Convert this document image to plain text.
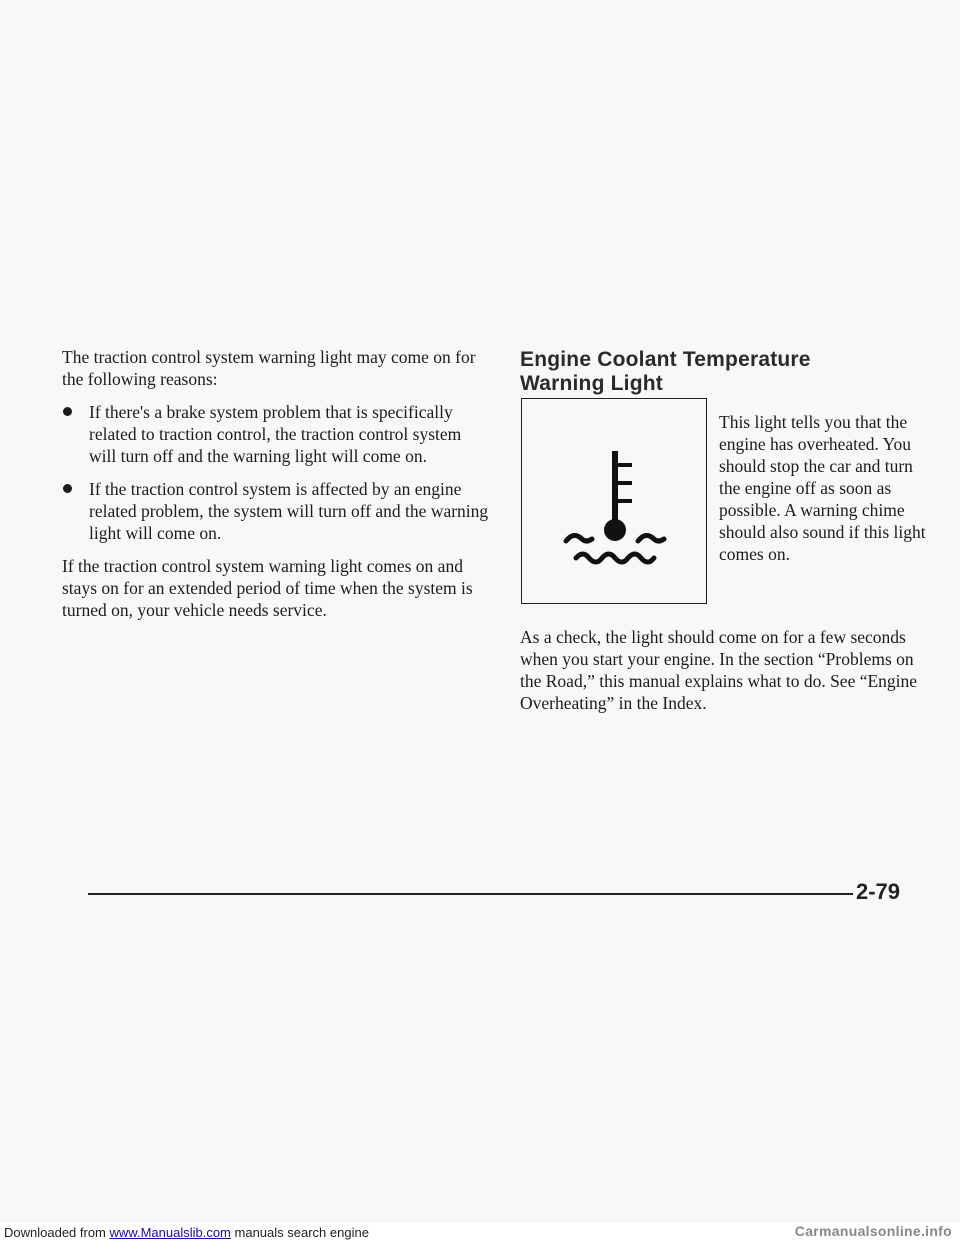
The traction control system warning light may come on for the following reasons:

If there's a brake system problem that is specifically related to traction control, the traction control system will turn off and the warning light will come on.
If the traction control system is affected by an engine related problem, the system will turn off and the warning light will come on.

If the traction control system warning light comes on and stays on for an extended period of time when the system is turned on, your vehicle needs service.

Engine Coolant Temperature
Warning Light
This light tells you that the engine has overheated. You should stop the car and turn the engine off as soon as possible. A warning chime should also sound if this light comes on.
As a check, the light should come on for a few seconds when you start your engine. In the section “Problems on the Road,” this manual explains what to do. See “Engine Overheating” in the Index.
2-79
Downloaded from www.Manualslib.com manuals search engine	Carmanualsonline.info
